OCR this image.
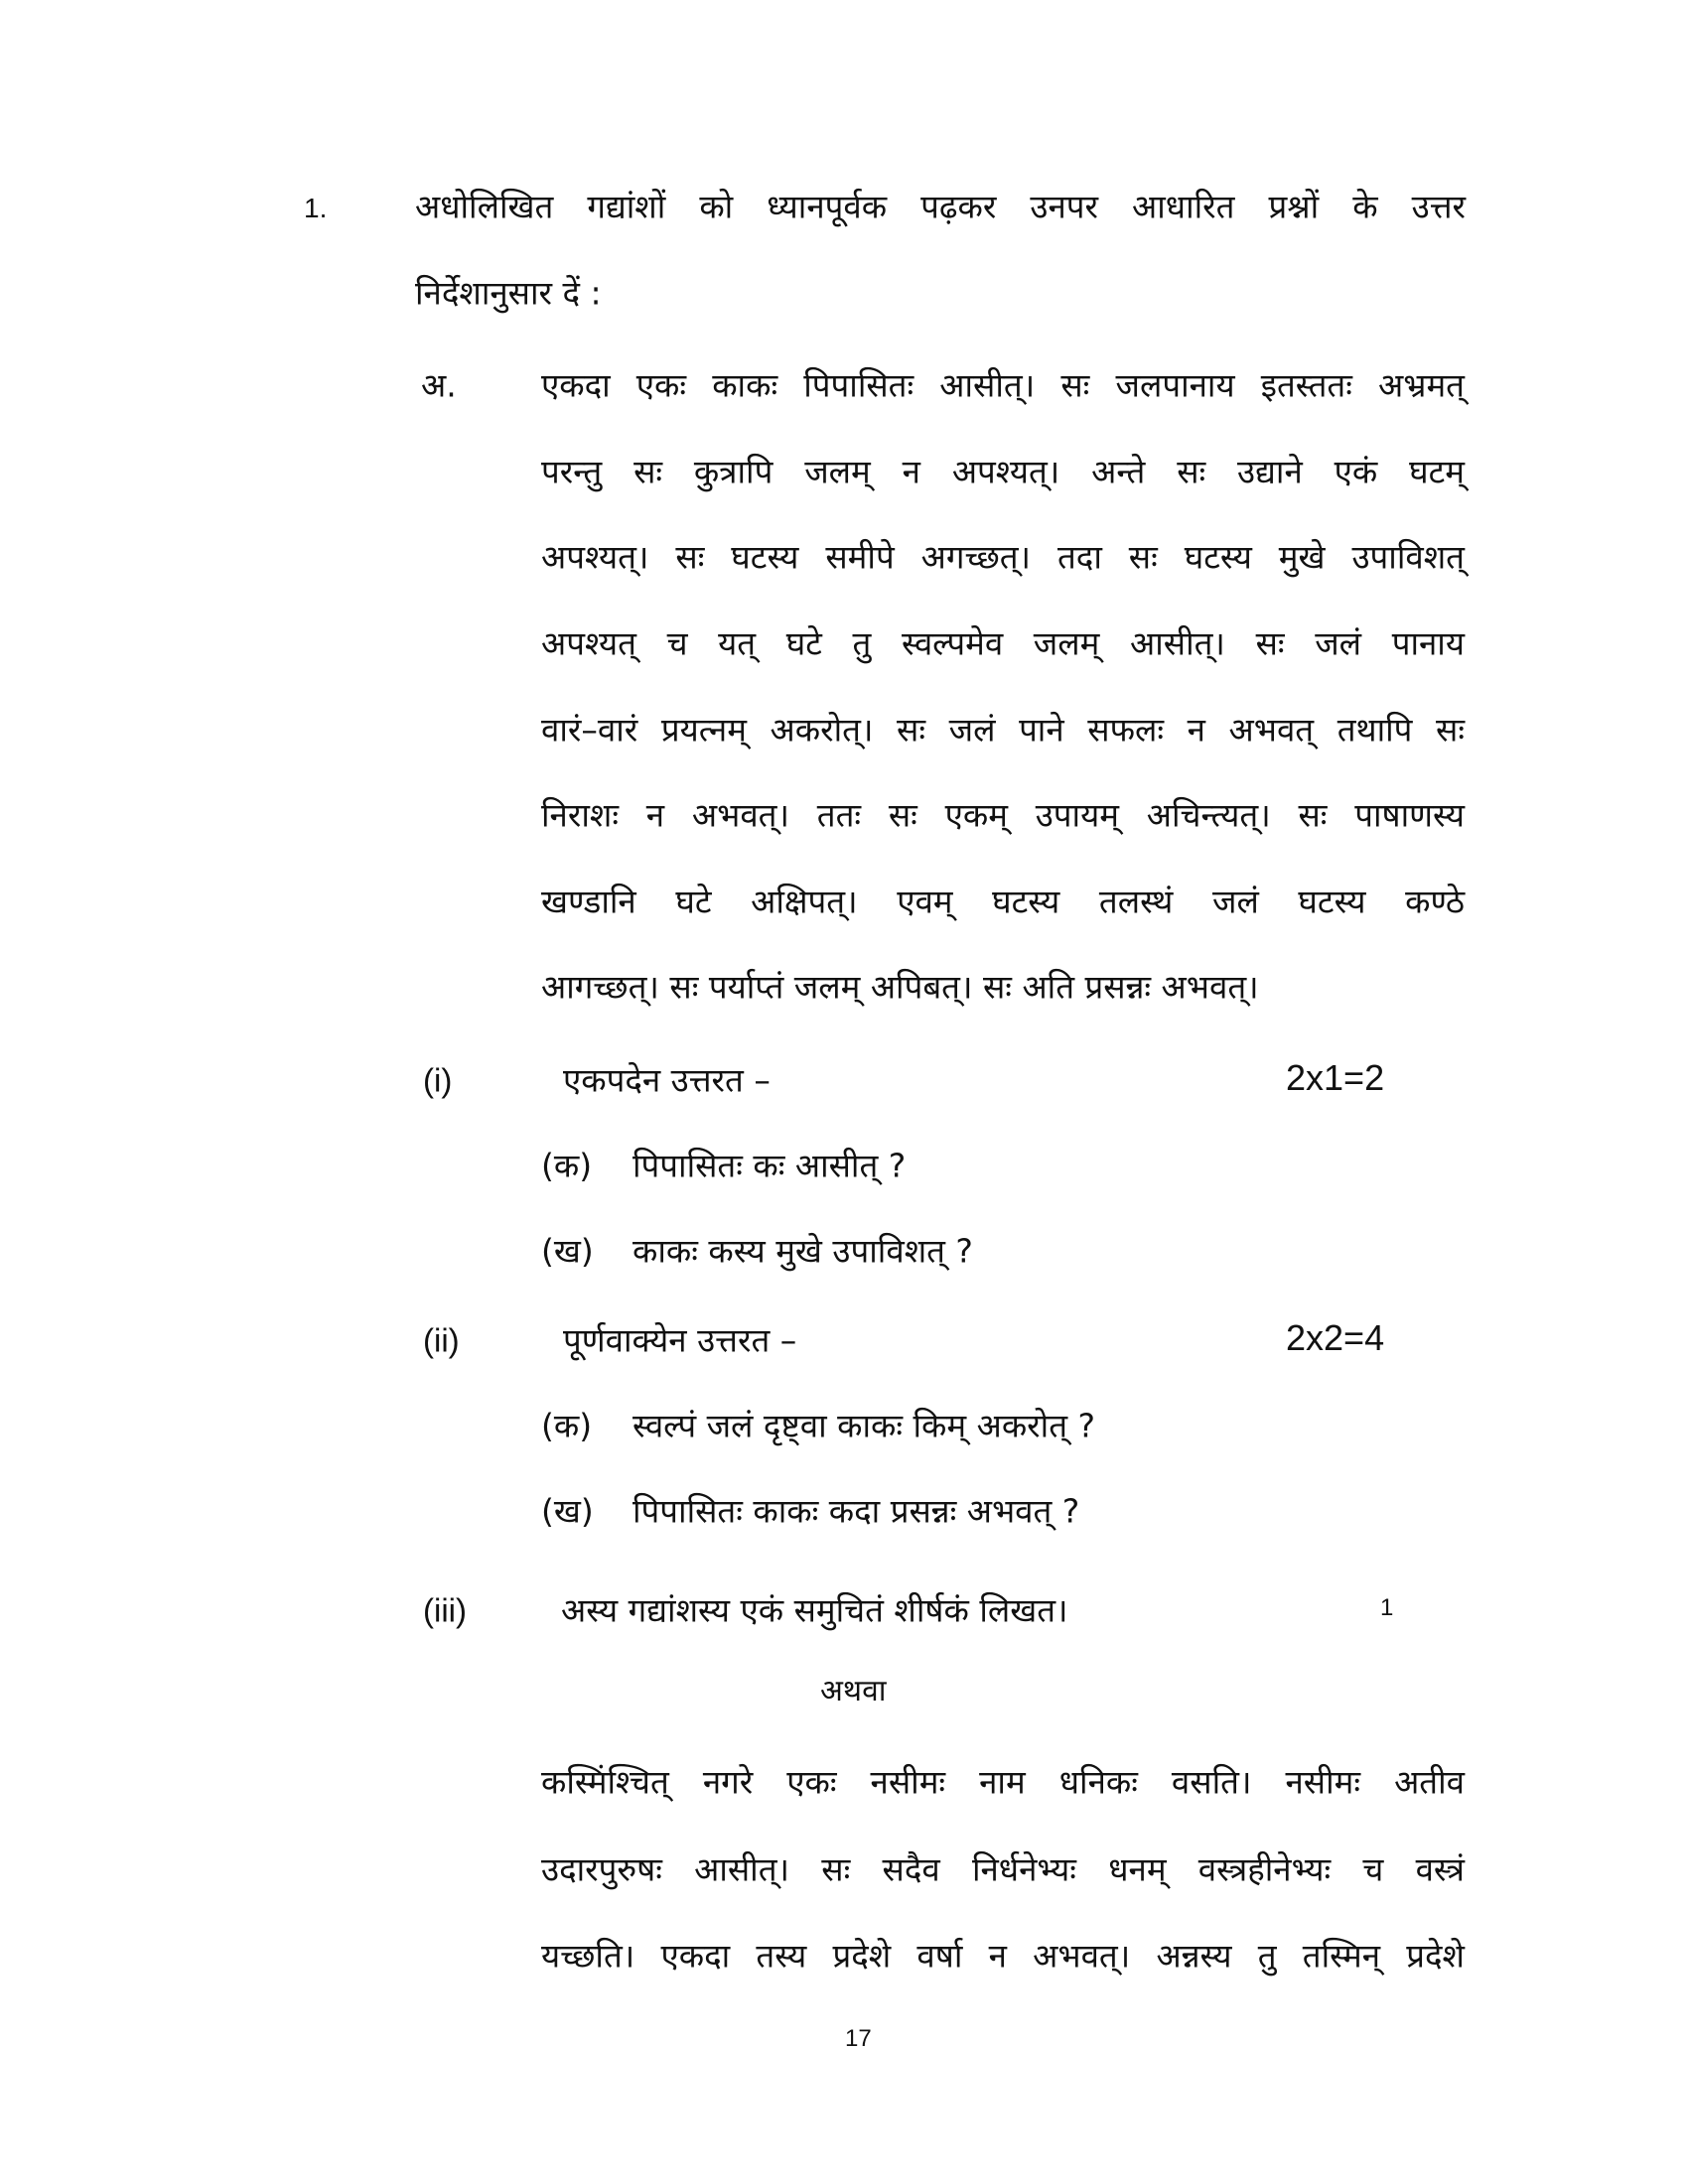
1.	अधोलिखित गद्यांशों को ध्यानपूर्वक पढ़कर उनपर आधारित प्रश्नों के उत्तर
निर्देशानुसार दें :
अ.	एकदा एकः काकः पिपासितः आसीत्। सः जलपानाय इतस्ततः अभ्रमत्
परन्तु सः कुत्रापि जलम् न अपश्यत्। अन्ते सः उद्याने एकं घटम्
अपश्यत्। सः घटस्य समीपे अगच्छत्। तदा सः घटस्य मुखे उपाविशत्
अपश्यत् च यत् घटे तु स्वल्पमेव जलम् आसीत्। सः जलं पानाय
वारं–वारं प्रयत्नम् अकरोत्। सः जलं पाने सफलः न अभवत् तथापि सः
निराशः न अभवत्। ततः सः एकम् उपायम् अचिन्त्यत्। सः पाषाणस्य
खण्डानि घटे अक्षिपत्। एवम् घटस्य तलस्थं जलं घटस्य कण्ठे
आगच्छत्। सः पर्याप्तं जलम् अपिबत्। सः अति प्रसन्नः अभवत्।
(i)	एकपदेन उत्तरत –	2x1=2
(क) पिपासितः कः आसीत् ?
(ख) काकः कस्य मुखे उपाविशत् ?
(ii)	पूर्णवाक्येन उत्तरत –	2x2=4
(क) स्वल्पं जलं दृष्ट्वा काकः किम् अकरोत् ?
(ख) पिपासितः काकः कदा प्रसन्नः अभवत् ?
(iii)	अस्य गद्यांशस्य एकं समुचितं शीर्षकं लिखत।	1
अथवा
कस्मिंश्चित् नगरे एकः नसीमः नाम धनिकः वसति। नसीमः अतीव
उदारपुरुषः आसीत्। सः सदैव निर्धनेभ्यः धनम् वस्त्रहीनेभ्यः च वस्त्रं
यच्छति। एकदा तस्य प्रदेशे वर्षा न अभवत्। अन्नस्य तु तस्मिन् प्रदेशे
17
